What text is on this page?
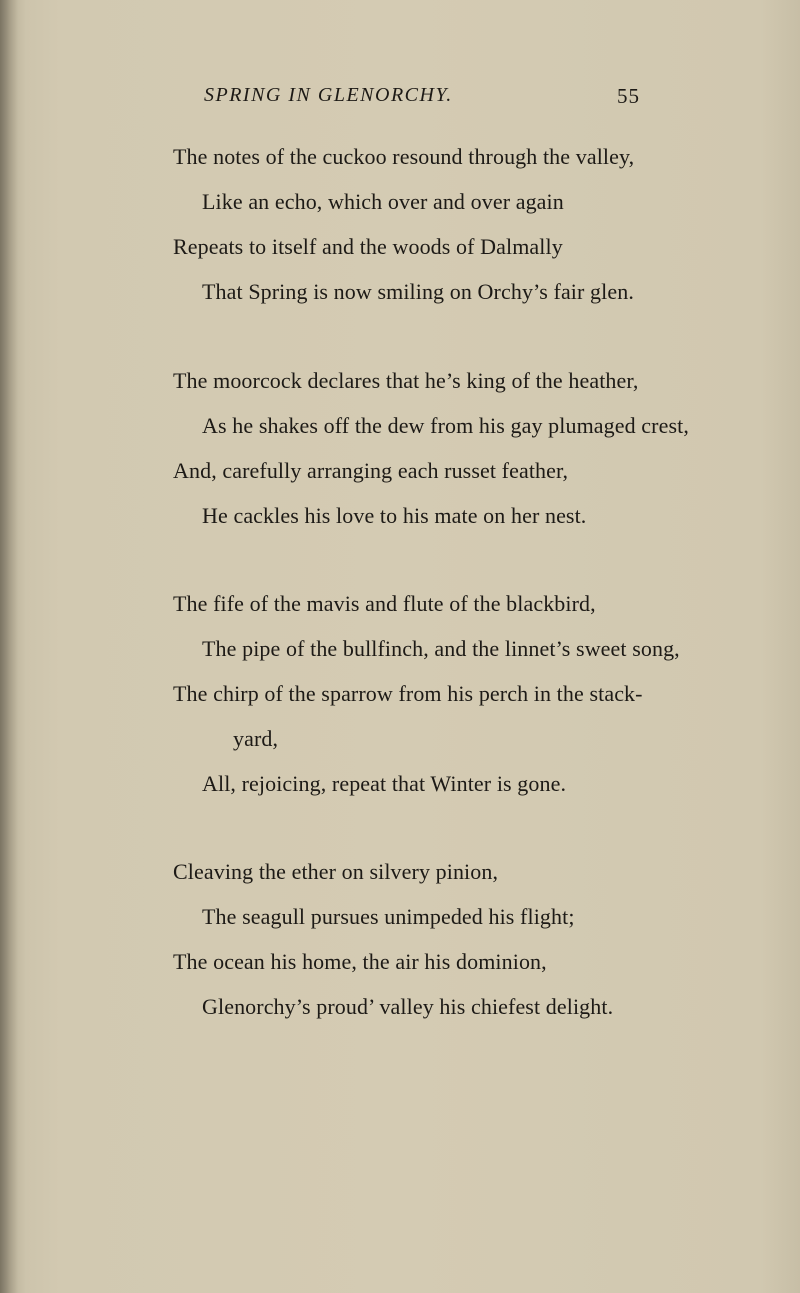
SPRING IN GLENORCHY.	55
The notes of the cuckoo resound through the valley,
Like an echo, which over and over again
Repeats to itself and the woods of Dalmally
That Spring is now smiling on Orchy’s fair glen.
The moorcock declares that he’s king of the heather,
As he shakes off the dew from his gay plumaged crest,
And, carefully arranging each russet feather,
He cackles his love to his mate on her nest.
The fife of the mavis and flute of the blackbird,
The pipe of the bullfinch, and the linnet’s sweet song,
The chirp of the sparrow from his perch in the stack-
yard,
All, rejoicing, repeat that Winter is gone.
Cleaving the ether on silvery pinion,
The seagull pursues unimpeded his flight;
The ocean his home, the air his dominion,
Glenorchy’s proud’ valley his chiefest delight.
